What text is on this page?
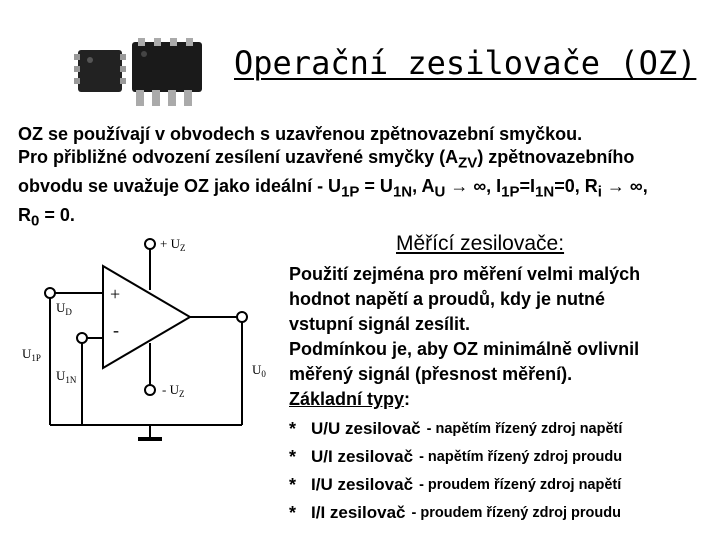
Operační zesilovače (OZ)

OZ se používají v obvodech s uzavřenou zpětnovazební smyčkou.

Pro přibližné odvození zesílení uzavřené smyčky $(A_{ZV})$ zpětnovazebního

obvodu se uvažuje OZ jako ideální - $U_{1P} = U_{1N}$, $A_U$ → ∞, $I_{1P}=I_{1N}=0$, $R_i$ → ∞,

$R_0 = 0$.

Měřící zesilovače:
+
-
+ $U_Z$
- $U_Z$
$U_D$
$U_{1P}$
$U_{1N}$
$U_0$

Použití zejména pro měření velmi malých

hodnot napětí a proudů, kdy je nutné

vstupní signál zesílit.

Podmínkou je, aby OZ minimálně ovlivnil

měřený signál (přesnost měření).

Základní typy:

* U/U zesilovač - napětím řízený zdroj napětí
* U/I zesilovač - napětím řízený zdroj proudu
* I/U zesilovač - proudem řízený zdroj napětí
* I/I zesilovač - proudem řízený zdroj proudu
